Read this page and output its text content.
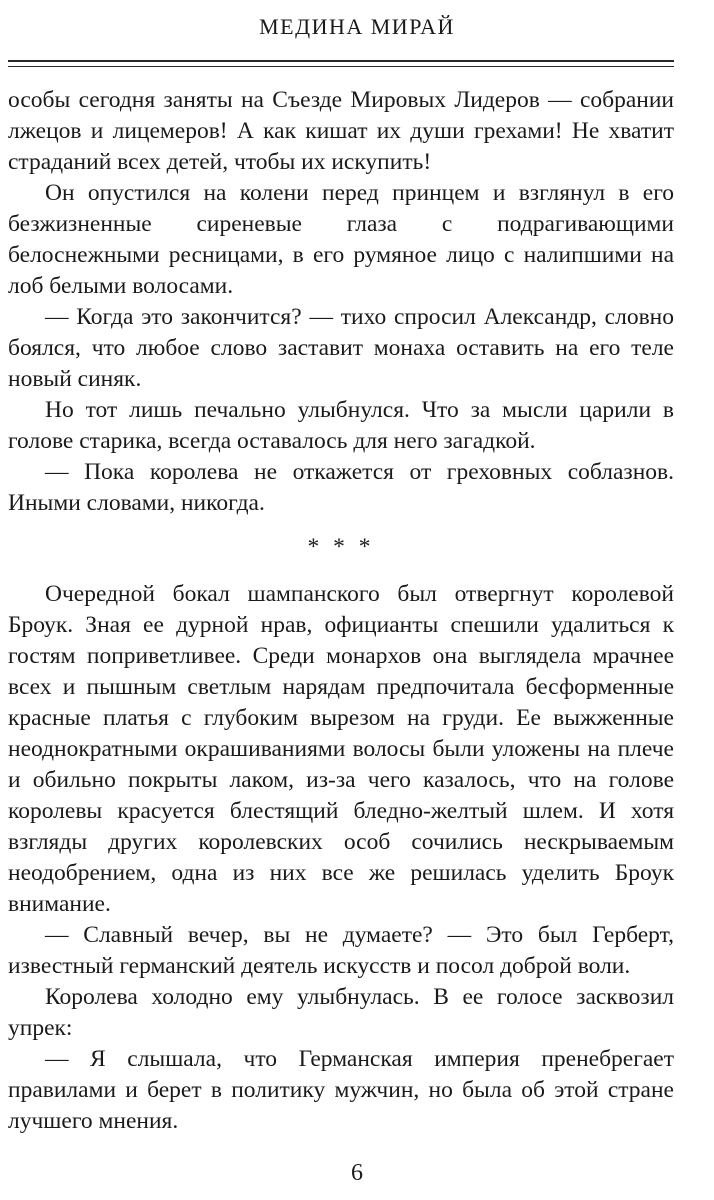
МЕДИНА МИРАЙ

особы сегодня заняты на Съезде Мировых Лидеров — собрании лжецов и лицемеров! А как кишат их души грехами! Не хватит страданий всех детей, чтобы их искупить!

Он опустился на колени перед принцем и взглянул в его безжизненные сиреневые глаза с подрагивающими белоснежными ресницами, в его румяное лицо с налипшими на лоб белыми волосами.

— Когда это закончится? — тихо спросил Александр, словно боялся, что любое слово заставит монаха оставить на его теле новый синяк.

Но тот лишь печально улыбнулся. Что за мысли царили в голове старика, всегда оставалось для него загадкой.

— Пока королева не откажется от греховных соблазнов. Иными словами, никогда.

* * *

Очередной бокал шампанского был отвергнут королевой Броук. Зная ее дурной нрав, официанты спешили удалиться к гостям поприветливее. Среди монархов она выглядела мрачнее всех и пышным светлым нарядам предпочитала бесформенные красные платья с глубоким вырезом на груди. Ее выжженные неоднократными окрашиваниями волосы были уложены на плече и обильно покрыты лаком, из-за чего казалось, что на голове королевы красуется блестящий бледно-желтый шлем. И хотя взгляды других королевских особ сочились нескрываемым неодобрением, одна из них все же решилась уделить Броук внимание.

— Славный вечер, вы не думаете? — Это был Герберт, известный германский деятель искусств и посол доброй воли.

Королева холодно ему улыбнулась. В ее голосе засквозил упрек:

— Я слышала, что Германская империя пренебрегает правилами и берет в политику мужчин, но была об этой стране лучшего мнения.

6
